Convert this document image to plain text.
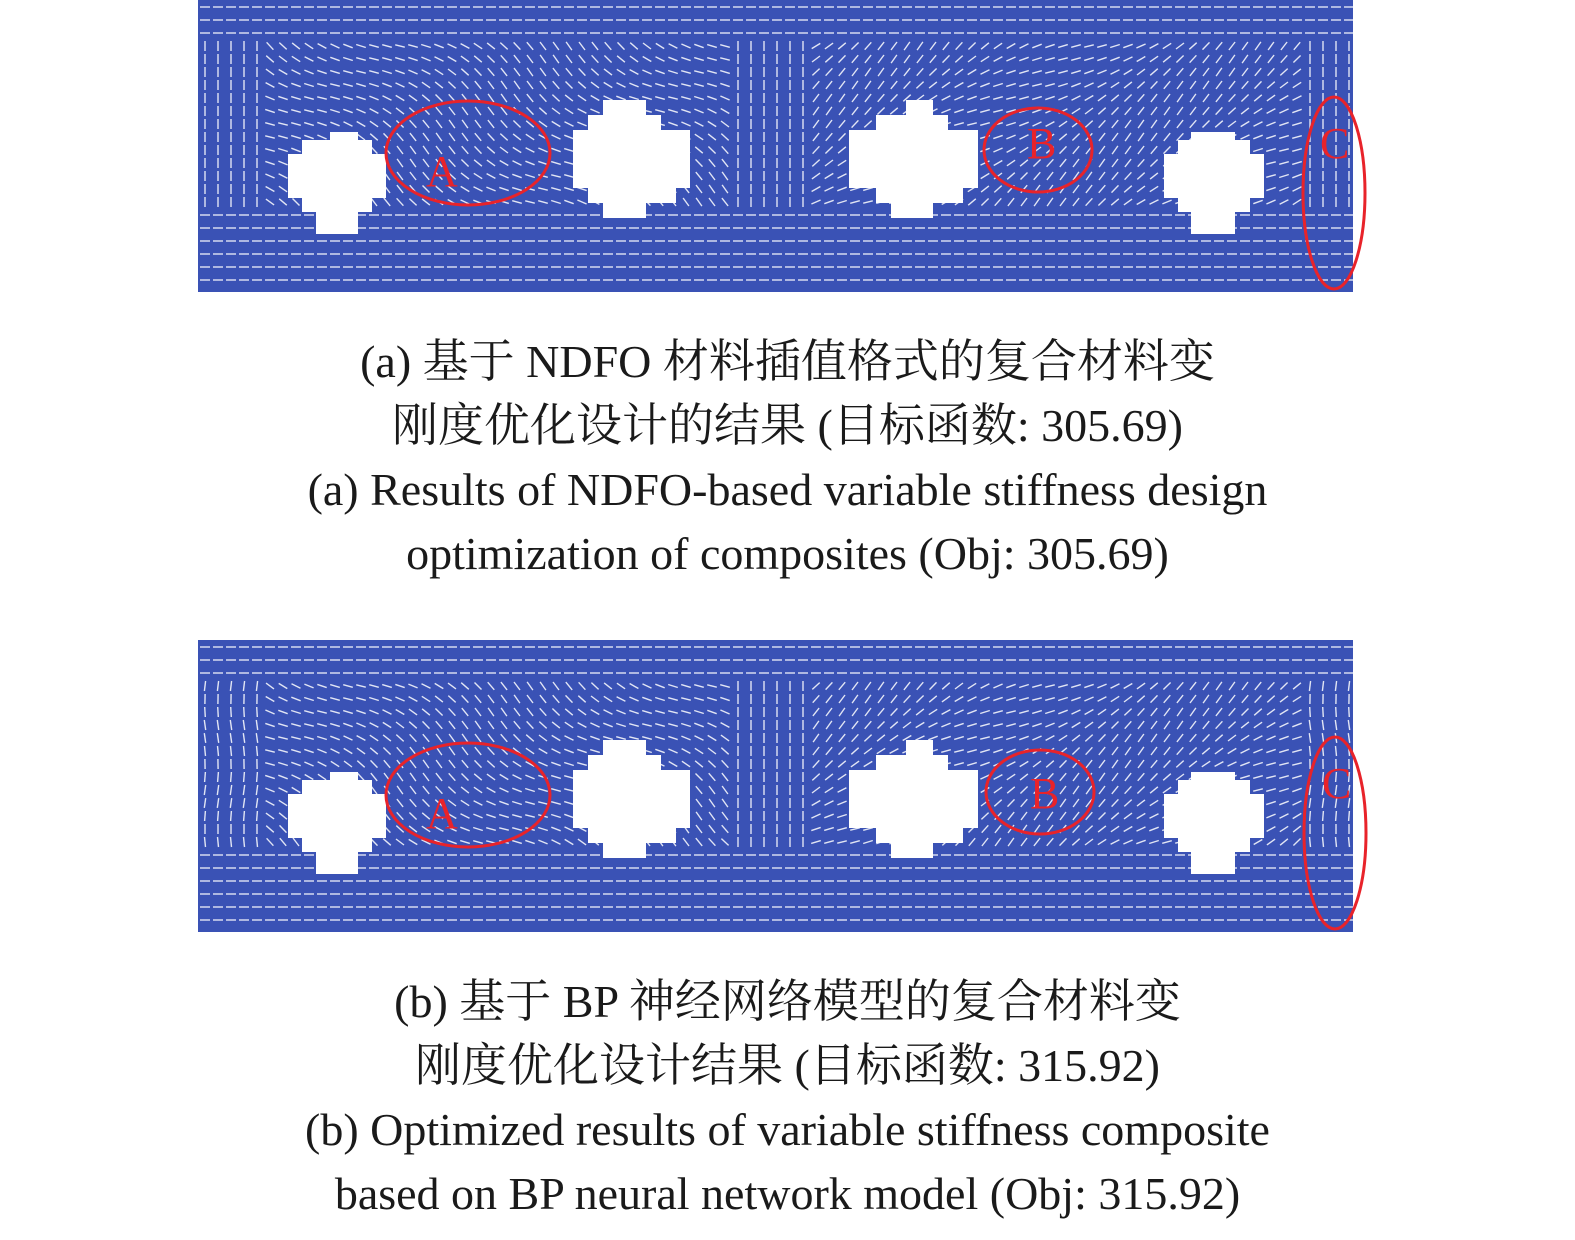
A
B	C
(a) 基于 NDFO 材料插值格式的复合材料变
刚度优化设计的结果 (目标函数: 305.69)
(a) Results of NDFO-based variable stiffness design
optimization of composites (Obj: 305.69)
A	B	C
(b) 基于 BP 神经网络模型的复合材料变
刚度优化设计结果 (目标函数: 315.92)
(b) Optimized results of variable stiffness composite
based on BP neural network model (Obj: 315.92)
